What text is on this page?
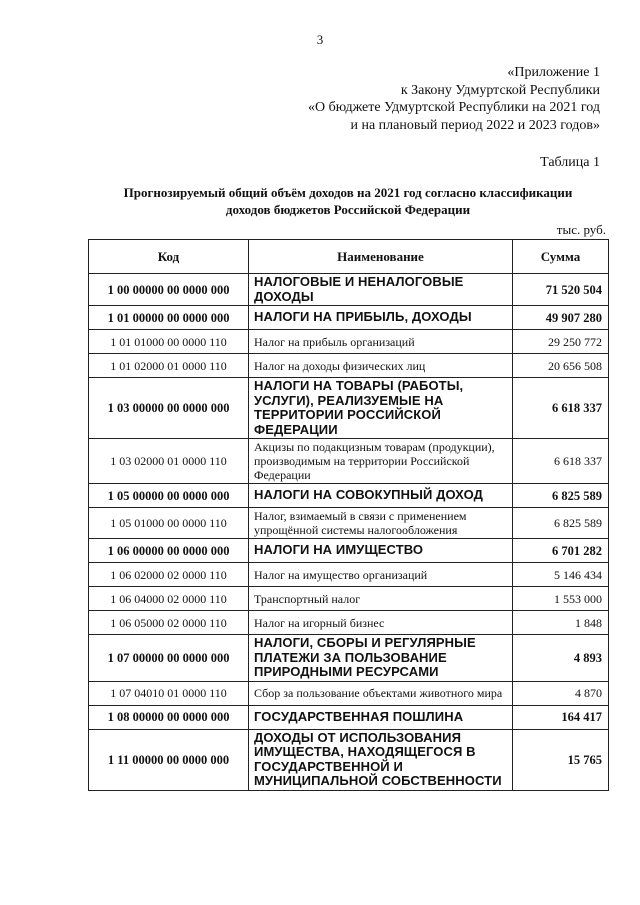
3
«Приложение 1
к Закону Удмуртской Республики
«О бюджете Удмуртской Республики на 2021 год
и на плановый период 2022 и 2023 годов»
Таблица 1
Прогнозируемый общий объём доходов на 2021 год согласно классификации
доходов бюджетов Российской Федерации
тыс. руб.
Код	Наименование	Сумма
1 00 00000 00 0000 000	НАЛОГОВЫЕ И НЕНАЛОГОВЫЕ ДОХОДЫ	71 520 504
1 01 00000 00 0000 000	НАЛОГИ НА ПРИБЫЛЬ, ДОХОДЫ	49 907 280
1 01 01000 00 0000 110	Налог на прибыль организаций	29 250 772
1 01 02000 01 0000 110	Налог на доходы физических лиц	20 656 508
1 03 00000 00 0000 000	НАЛОГИ НА ТОВАРЫ (РАБОТЫ, УСЛУГИ), РЕАЛИЗУЕМЫЕ НА ТЕРРИТОРИИ РОССИЙСКОЙ ФЕДЕРАЦИИ	6 618 337
1 03 02000 01 0000 110	Акцизы по подакцизным товарам (продукции), производимым на территории Российской Федерации	6 618 337
1 05 00000 00 0000 000	НАЛОГИ НА СОВОКУПНЫЙ ДОХОД	6 825 589
1 05 01000 00 0000 110	Налог, взимаемый в связи с применением упрощённой системы налогообложения	6 825 589
1 06 00000 00 0000 000	НАЛОГИ НА ИМУЩЕСТВО	6 701 282
1 06 02000 02 0000 110	Налог на имущество организаций	5 146 434
1 06 04000 02 0000 110	Транспортный налог	1 553 000
1 06 05000 02 0000 110	Налог на игорный бизнес	1 848
1 07 00000 00 0000 000	НАЛОГИ, СБОРЫ И РЕГУЛЯРНЫЕ ПЛАТЕЖИ ЗА ПОЛЬЗОВАНИЕ ПРИРОДНЫМИ РЕСУРСАМИ	4 893
1 07 04010 01 0000 110	Сбор за пользование объектами животного мира	4 870
1 08 00000 00 0000 000	ГОСУДАРСТВЕННАЯ ПОШЛИНА	164 417
1 11 00000 00 0000 000	ДОХОДЫ ОТ ИСПОЛЬЗОВАНИЯ ИМУЩЕСТВА, НАХОДЯЩЕГОСЯ В ГОСУДАРСТВЕННОЙ И МУНИЦИПАЛЬНОЙ СОБСТВЕННОСТИ	15 765
